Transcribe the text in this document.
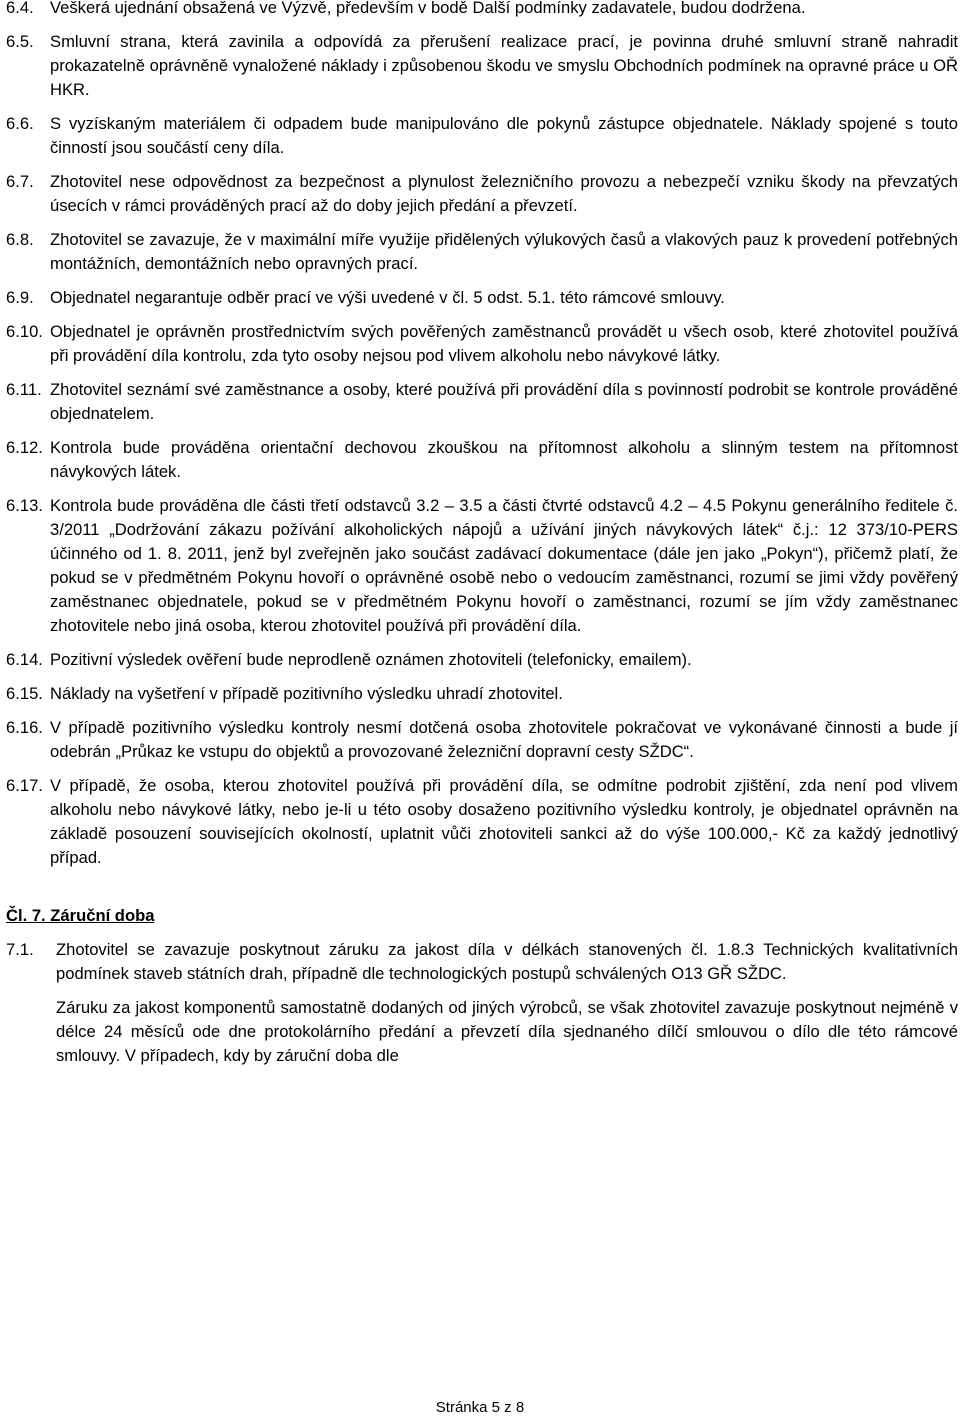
6.4. Veškerá ujednání obsažená ve Výzvě, především v bodě Další podmínky zadavatele, budou dodržena.
6.5. Smluvní strana, která zavinila a odpovídá za přerušení realizace prací, je povinna druhé smluvní straně nahradit prokazatelně oprávněně vynaložené náklady i způsobenou škodu ve smyslu Obchodních podmínek na opravné práce u OŘ HKR.
6.6. S vyzískaným materiálem či odpadem bude manipulováno dle pokynů zástupce objednatele. Náklady spojené s touto činností jsou součástí ceny díla.
6.7. Zhotovitel nese odpovědnost za bezpečnost a plynulost železničního provozu a nebezpečí vzniku škody na převzatých úsecích v rámci prováděných prací až do doby jejich předání a převzetí.
6.8. Zhotovitel se zavazuje, že v maximální míře využije přidělených výlukových časů a vlakových pauz k provedení potřebných montážních, demontážních nebo opravných prací.
6.9. Objednatel negarantuje odběr prací ve výši uvedené v čl. 5 odst. 5.1. této rámcové smlouvy.
6.10. Objednatel je oprávněn prostřednictvím svých pověřených zaměstnanců provádět u všech osob, které zhotovitel používá při provádění díla kontrolu, zda tyto osoby nejsou pod vlivem alkoholu nebo návykové látky.
6.11. Zhotovitel seznámí své zaměstnance a osoby, které používá při provádění díla s povinností podrobit se kontrole prováděné objednatelem.
6.12. Kontrola bude prováděna orientační dechovou zkouškou na přítomnost alkoholu a slinným testem na přítomnost návykových látek.
6.13. Kontrola bude prováděna dle části třetí odstavců 3.2 – 3.5 a části čtvrté odstavců 4.2 – 4.5 Pokynu generálního ředitele č. 3/2011 „Dodržování zákazu požívání alkoholických nápojů a užívání jiných návykových látek“ č.j.: 12 373/10-PERS účinného od 1. 8. 2011, jenž byl zveřejněn jako součást zadávací dokumentace (dále jen jako „Pokyn“), přičemž platí, že pokud se v předmětném Pokynu hovoří o oprávněné osobě nebo o vedoucím zaměstnanci, rozumí se jimi vždy pověřený zaměstnanec objednatele, pokud se v předmětném Pokynu hovoří o zaměstnanci, rozumí se jím vždy zaměstnanec zhotovitele nebo jiná osoba, kterou zhotovitel používá při provádění díla.
6.14. Pozitivní výsledek ověření bude neprodleně oznámen zhotoviteli (telefonicky, emailem).
6.15. Náklady na vyšetření v případě pozitivního výsledku uhradí zhotovitel.
6.16. V případě pozitivního výsledku kontroly nesmí dotčená osoba zhotovitele pokračovat ve vykonávané činnosti a bude jí odebrán „Průkaz ke vstupu do objektů a provozované železniční dopravní cesty SŽDC“.
6.17. V případě, že osoba, kterou zhotovitel používá při provádění díla, se odmítne podrobit zjištění, zda není pod vlivem alkoholu nebo návykové látky, nebo je-li u této osoby dosaženo pozitivního výsledku kontroly, je objednatel oprávněn na základě posouzení souvisejících okolností, uplatnit vůči zhotoviteli sankci až do výše 100.000,- Kč za každý jednotlivý případ.
Čl. 7. Záruční doba
7.1.	Zhotovitel se zavazuje poskytnout záruku za jakost díla v délkách stanovených čl. 1.8.3 Technických kvalitativních podmínek staveb státních drah, případně dle technologických postupů schválených O13 GŘ SŽDC.
Záruku za jakost komponentů samostatně dodaných od jiných výrobců, se však zhotovitel zavazuje poskytnout nejméně v délce 24 měsíců ode dne protokolárního předání a převzetí díla sjednaného dílčí smlouvou o dílo dle této rámcové smlouvy. V případech, kdy by záruční doba dle
Stránka 5 z 8
